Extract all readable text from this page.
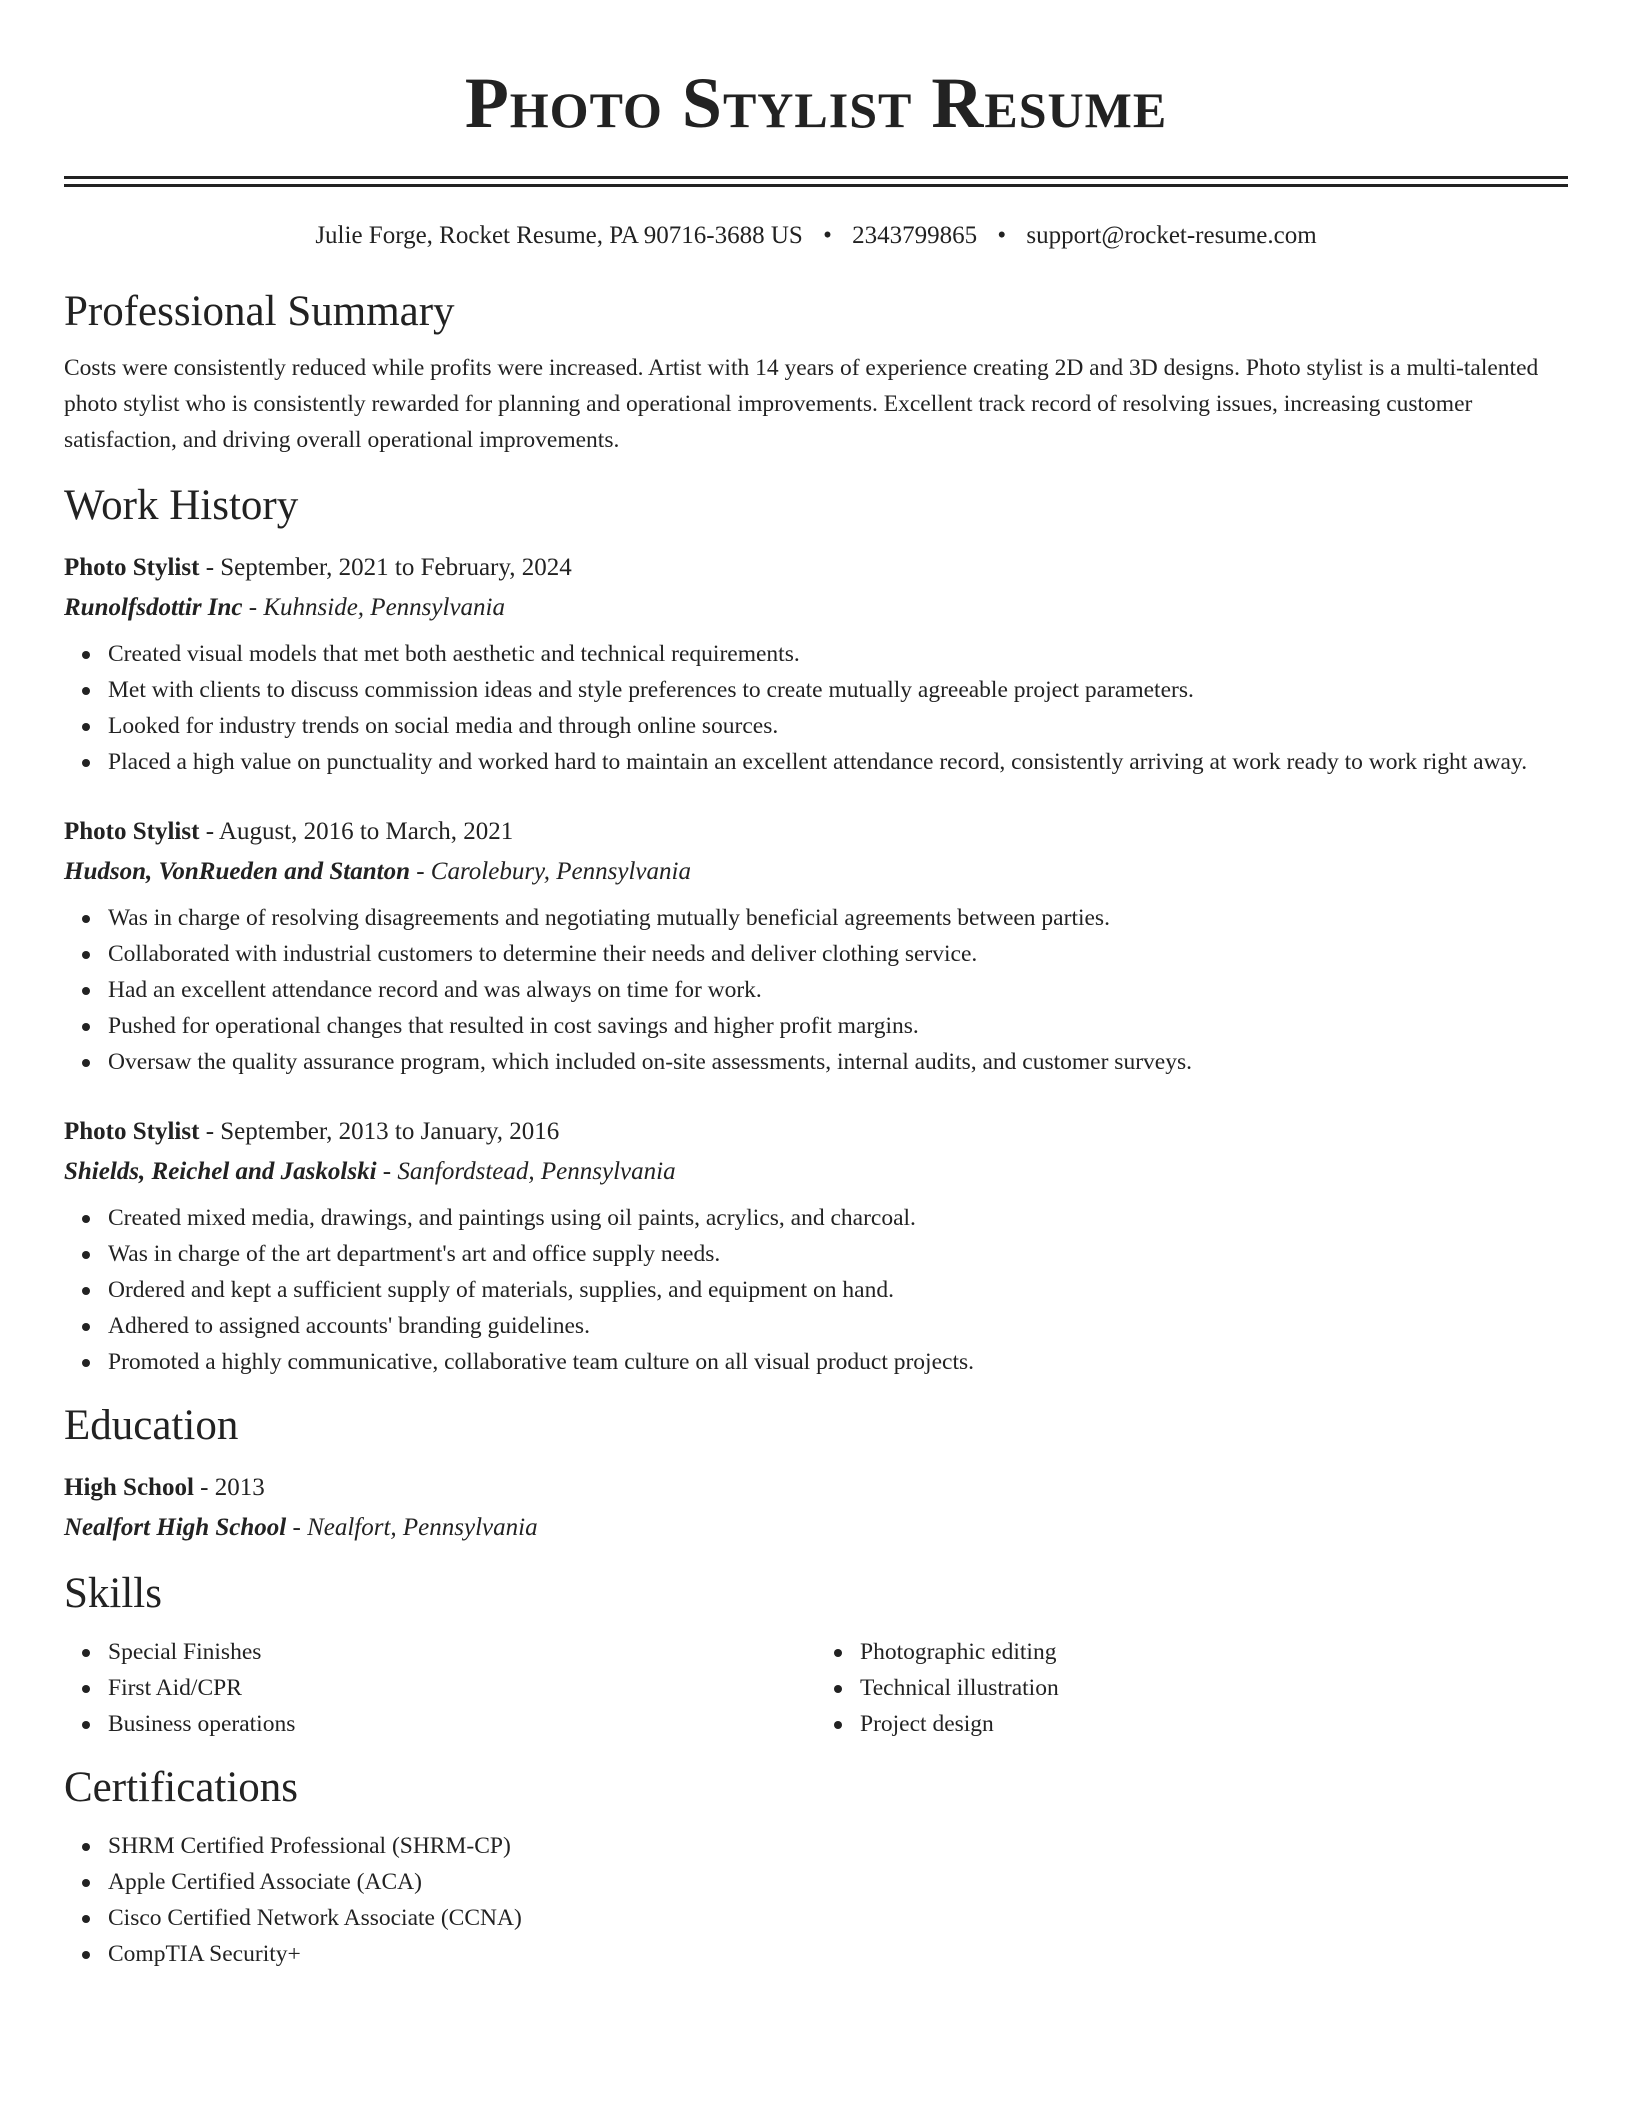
Photo Stylist Resume
Julie Forge, Rocket Resume, PA 90716-3688 US • 2343799865 • support@rocket-resume.com
Professional Summary

Costs were consistently reduced while profits were increased. Artist with 14 years of experience creating 2D and 3D designs. Photo stylist is a multi-talented photo stylist who is consistently rewarded for planning and operational improvements. Excellent track record of resolving issues, increasing customer satisfaction, and driving overall operational improvements.

Work History
Photo Stylist - September, 2021 to February, 2024
Runolfsdottir Inc - Kuhnside, Pennsylvania
Created visual models that met both aesthetic and technical requirements.
Met with clients to discuss commission ideas and style preferences to create mutually agreeable project parameters.
Looked for industry trends on social media and through online sources.
Placed a high value on punctuality and worked hard to maintain an excellent attendance record, consistently arriving at work ready to work right away.
Photo Stylist - August, 2016 to March, 2021
Hudson, VonRueden and Stanton - Carolebury, Pennsylvania
Was in charge of resolving disagreements and negotiating mutually beneficial agreements between parties.
Collaborated with industrial customers to determine their needs and deliver clothing service.
Had an excellent attendance record and was always on time for work.
Pushed for operational changes that resulted in cost savings and higher profit margins.
Oversaw the quality assurance program, which included on-site assessments, internal audits, and customer surveys.
Photo Stylist - September, 2013 to January, 2016
Shields, Reichel and Jaskolski - Sanfordstead, Pennsylvania
Created mixed media, drawings, and paintings using oil paints, acrylics, and charcoal.
Was in charge of the art department's art and office supply needs.
Ordered and kept a sufficient supply of materials, supplies, and equipment on hand.
Adhered to assigned accounts' branding guidelines.
Promoted a highly communicative, collaborative team culture on all visual product projects.
Education
High School - 2013
Nealfort High School - Nealfort, Pennsylvania
Skills
Special Finishes
First Aid/CPR
Business operations
Photographic editing
Technical illustration
Project design
Certifications
SHRM Certified Professional (SHRM-CP)
Apple Certified Associate (ACA)
Cisco Certified Network Associate (CCNA)
CompTIA Security+
